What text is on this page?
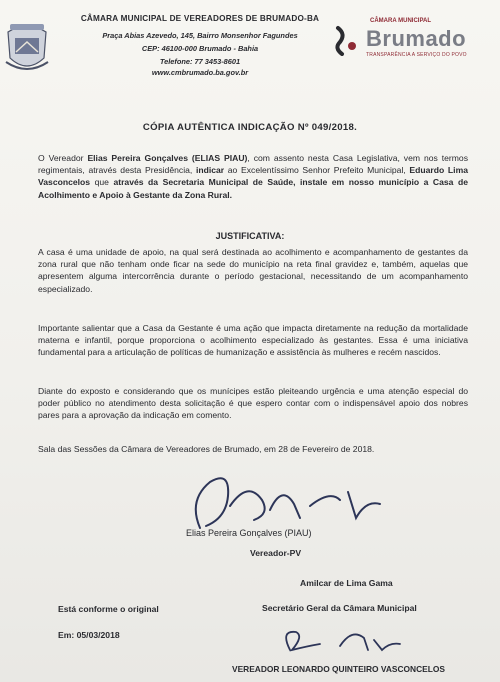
CÂMARA MUNICIPAL DE VEREADORES DE BRUMADO-BA
Praça Abias Azevedo, 145, Bairro Monsenhor Fagundes
CEP: 46100-000 Brumado - Bahia
Telefone: 77 3453-8601
www.cmbrumado.ba.gov.br
CÂMARA MUNICIPAL
Brumado
TRANSPARÊNCIA A SERVIÇO DO POVO
CÓPIA AUTÊNTICA INDICAÇÃO Nº 049/2018.
O Vereador Elias Pereira Gonçalves (ELIAS PIAU), com assento nesta Casa Legislativa, vem nos termos regimentais, através desta Presidência, indicar ao Excelentíssimo Senhor Prefeito Municipal, Eduardo Lima Vasconcelos que através da Secretaria Municipal de Saúde, instale em nosso município a Casa de Acolhimento e Apoio à Gestante da Zona Rural.
JUSTIFICATIVA:
A casa é uma unidade de apoio, na qual será destinada ao acolhimento e acompanhamento de gestantes da zona rural que não tenham onde ficar na sede do município na reta final gravidez e, também, aquelas que apresentem alguma intercorrência durante o período gestacional, necessitando de um acompanhamento especializado.
Importante salientar que a Casa da Gestante é uma ação que impacta diretamente na redução da mortalidade materna e infantil, porque proporciona o acolhimento especializado às gestantes. Essa é uma iniciativa fundamental para a articulação de políticas de humanização e assistência às mulheres e recém nascidos.
Diante do exposto e considerando que os munícipes estão pleiteando urgência e uma atenção especial do poder público no atendimento desta solicitação é que espero contar com o indispensável apoio dos nobres pares para a aprovação da indicação em comento.
Sala das Sessões da Câmara de Vereadores de Brumado, em 28 de Fevereiro de 2018.
Elias Pereira Gonçalves (PIAU)
Vereador-PV
Amilcar de Lima Gama
Está conforme o original	Secretário Geral da Câmara Municipal
Em: 05/03/2018
VEREADOR LEONARDO QUINTEIRO VASCONCELOS
